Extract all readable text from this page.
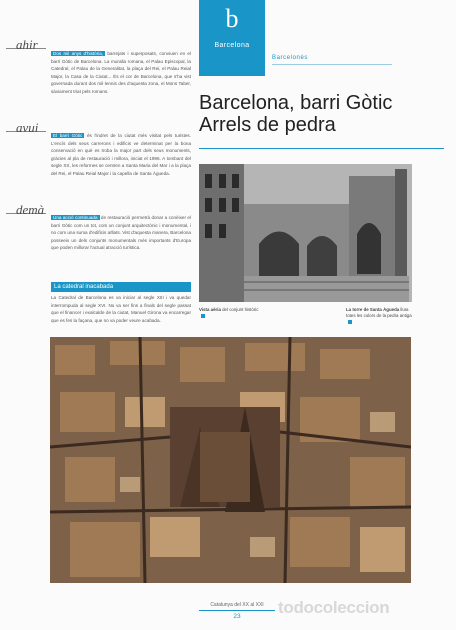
b
Barcelona
Barcelonès
ahir
avui
demà
Dos mil anys d'història, barrejats i superposats, conviuen en el barri Gòtic de Barcelona. La muralla romana, el Palau Episcopal, la Catedral, el Palau de la Generalitat, la plaça del Rei, el Palau Reial Major, la Casa de la Ciutat... És el cor de Barcelona, que s'ha vist governada durant dos mil·lennis des d'aquesta zona, el Mons Taber, sàviament triat pels romans.
El barri Gòtic és l'indret de la ciutat més visitat pels turistes. L'encís dels seus carrerons i edificis ve determinat per la bona conservació en què es troba la major part dels seus monuments, gràcies al pla de restauració i millora, iniciat el 1996. A tombant del segle XX, les reformes se centren a Santa Maria del Mar i a la plaça del Rei, el Palau Reial Major i la capella de Santa Àgueda.
Una acció continuada de restauració permetrà donar a conèixer el barri Gòtic com un tot, com un conjunt arquitectònic i monumental, i no com una suma d'edificis aïllats. Vist d'aquesta manera, Barcelona posseeix un dels conjunts monumentals més importants d'Europa que poden millorar l'actual atracció turística.
La catedral inacabada
La Catedral de Barcelona es va iniciar al segle XIII i va quedar interrompuda al segle XVI. No va ser fins a finals del segle passat que el financer i exalcalde de la ciutat, Manuel Girona va encarregar que es fes la façana, que no va poder veure acabada.
Barcelona, barri Gòtic
Arrels de pedra
Vista aèria del conjunt històric	La torre de Santa Àgueda lluïa totes les colors de la pedra antiga
Catalunya del XX al XXI
23	todocoleccion
